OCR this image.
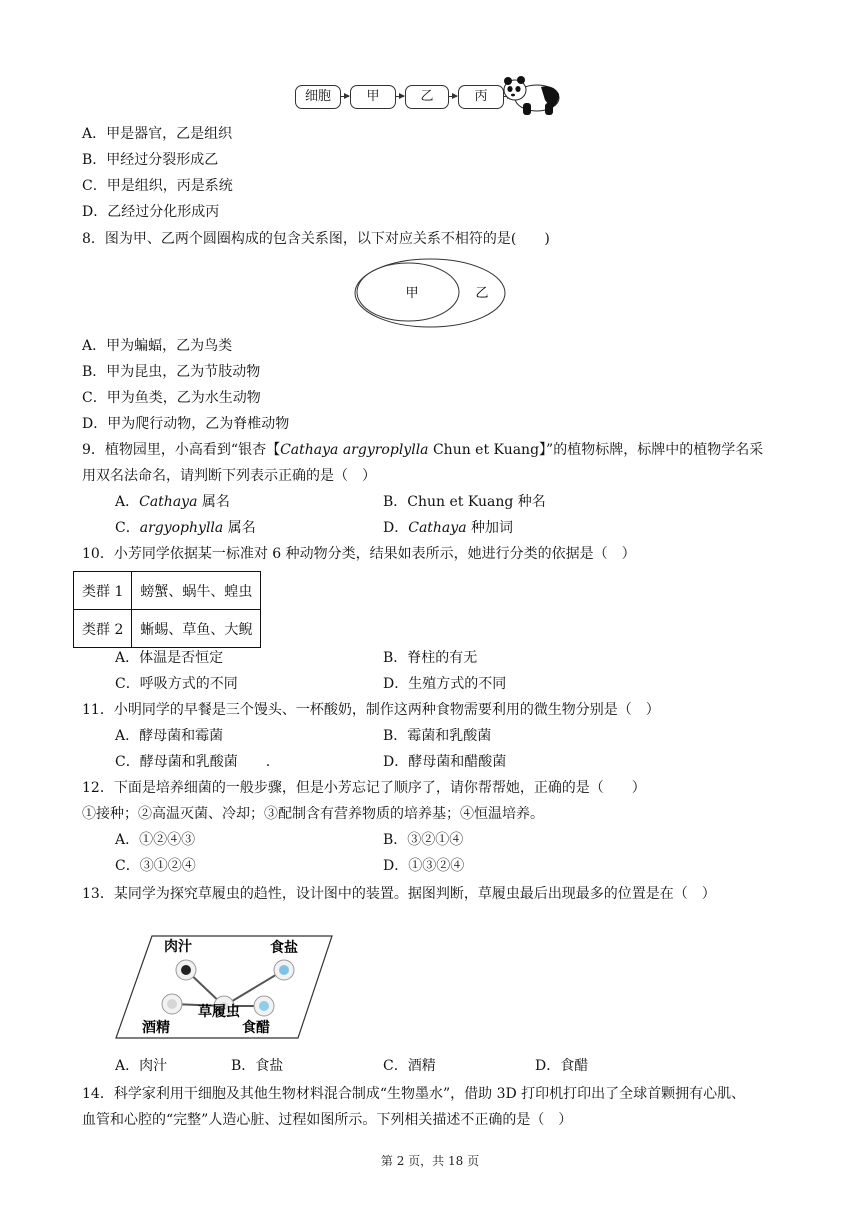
细胞	甲	乙	丙
A．甲是器官，乙是组织
B．甲经过分裂形成乙
C．甲是组织，丙是系统
D．乙经过分化形成丙
8．图为甲、乙两个圆圈构成的包含关系图，以下对应关系不相符的是(　　)
甲	乙
A．甲为蝙蝠，乙为鸟类
B．甲为昆虫，乙为节肢动物
C．甲为鱼类，乙为水生动物
D．甲为爬行动物，乙为脊椎动物
9．植物园里，小高看到“银杏【Cathaya argyroplylla Chun et Kuang】”的植物标牌，标牌中的植物学名采
用双名法命名，请判断下列表示正确的是（　）
A．Cathaya 属名	B．Chun et Kuang 种名
C．argyophylla 属名	D．Cathaya 种加词
10．小芳同学依据某一标准对 6 种动物分类，结果如表所示，她进行分类的依据是（　）
类群 1	螃蟹、蜗牛、蝗虫
类群 2	蜥蜴、草鱼、大鲵
A．体温是否恒定	B．脊柱的有无
C．呼吸方式的不同	D．生殖方式的不同
11．小明同学的早餐是三个馒头、一杯酸奶，制作这两种食物需要利用的微生物分别是（　）
A．酵母菌和霉菌	B．霉菌和乳酸菌
C．酵母菌和乳酸菌　　.	D．酵母菌和醋酸菌
12．下面是培养细菌的一般步骤，但是小芳忘记了顺序了，请你帮帮她，正确的是（　　）
①接种；②高温灭菌、冷却；③配制含有营养物质的培养基；④恒温培养。
A．①②④③	B．③②①④
C．③①②④	D．①③②④
13．某同学为探究草履虫的趋性，设计图中的装置。据图判断，草履虫最后出现最多的位置是在（　）
肉汁	食盐
草履虫
酒精	食醋
A．肉汁	B．食盐	C．酒精	D．食醋
14．科学家利用干细胞及其他生物材料混合制成“生物墨水”，借助 3D 打印机打印出了全球首颗拥有心肌、
血管和心腔的“完整”人造心脏、过程如图所示。下列相关描述不正确的是（　）
第 2 页，共 18 页
